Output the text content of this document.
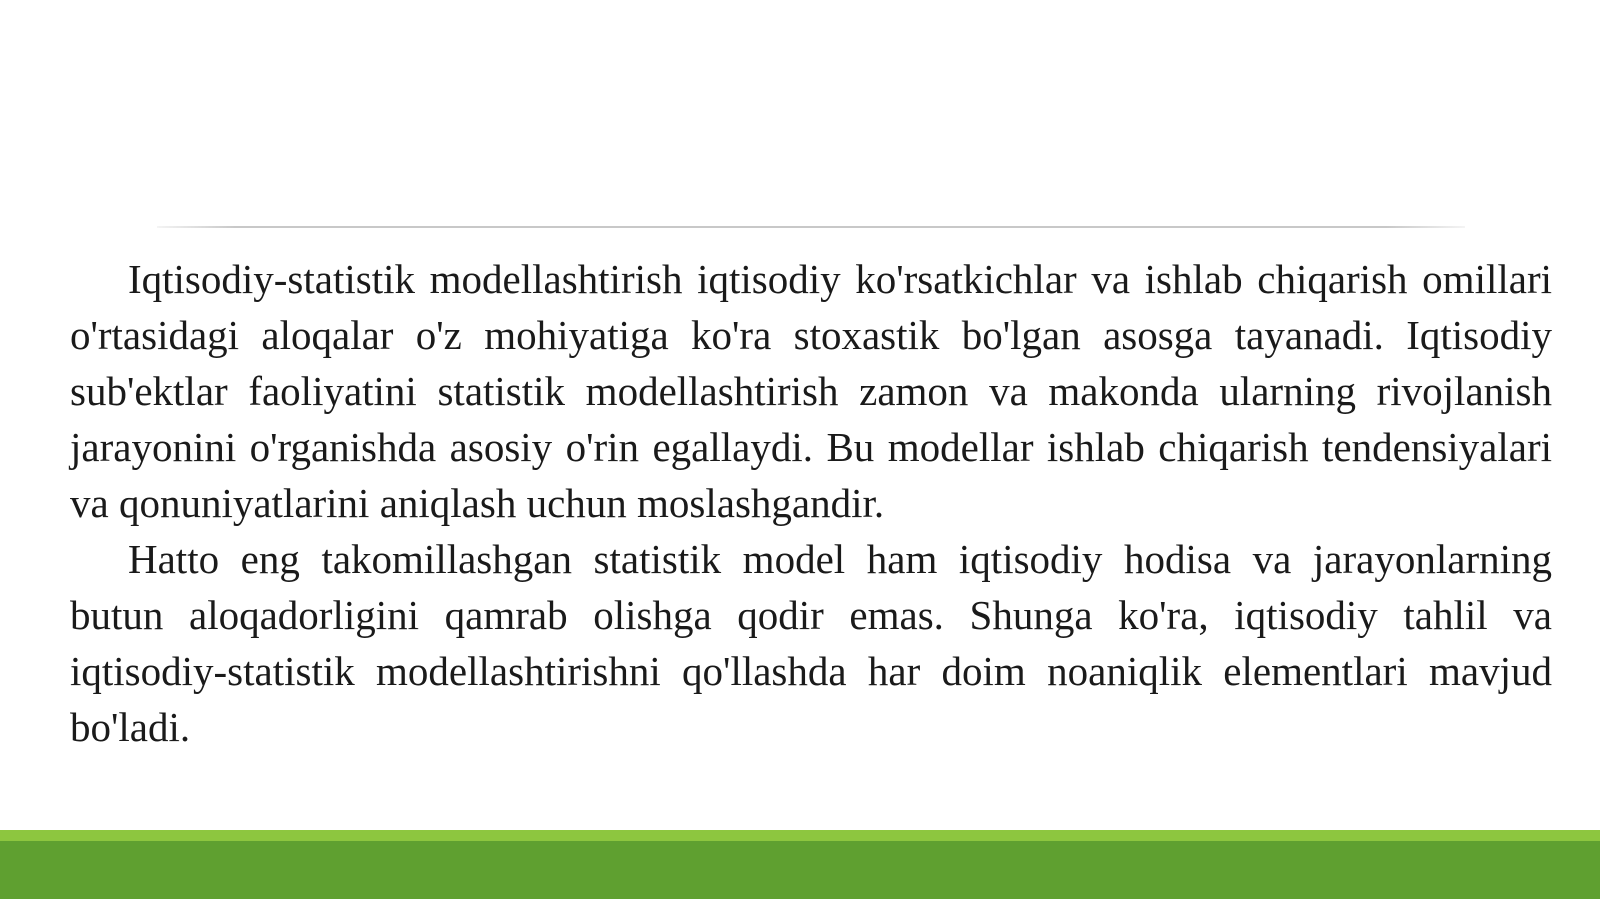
Iqtisodiy-statistik modellashtirish iqtisodiy ko'rsatkichlar va ishlab chiqarish omillari o'rtasidagi aloqalar o'z mohiyatiga ko'ra stoxastik bo'lgan asosga tayanadi. Iqtisodiy sub'ektlar faoliyatini statistik modellashtirish zamon va makonda ularning rivojlanish jarayonini o'rganishda asosiy o'rin egallaydi. Bu modellar ishlab chiqarish tendensiyalari va qonuniyatlarini aniqlash uchun moslashgandir.

Hatto eng takomillashgan statistik model ham iqtisodiy hodisa va jarayonlarning butun aloqadorligini qamrab olishga qodir emas. Shunga ko'ra, iqtisodiy tahlil va iqtisodiy-statistik modellashtirishni qo'llashda har doim noaniqlik elementlari mavjud bo'ladi.
